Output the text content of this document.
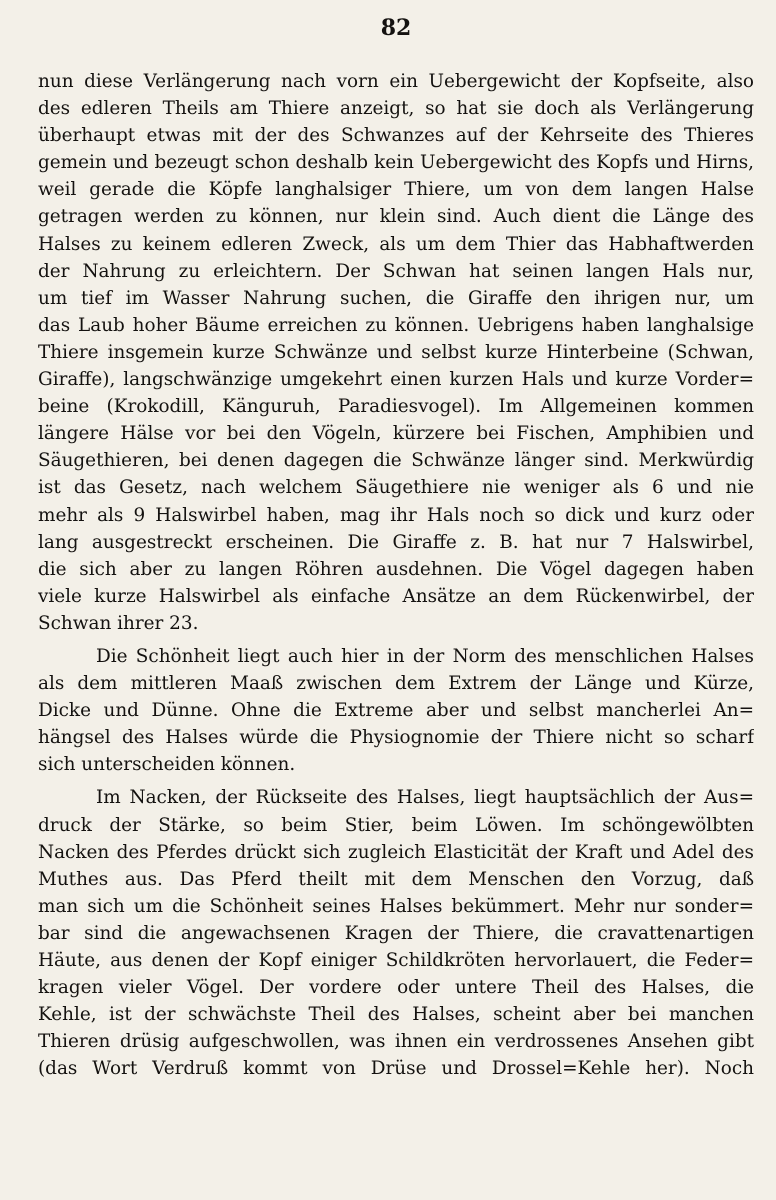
82
nun diese Verlängerung nach vorn ein Uebergewicht der Kopfseite, also
des edleren Theils am Thiere anzeigt, so hat sie doch als Verlängerung
überhaupt etwas mit der des Schwanzes auf der Kehrseite des Thieres
gemein und bezeugt schon deshalb kein Uebergewicht des Kopfs und Hirns,
weil gerade die Köpfe langhalsiger Thiere, um von dem langen Halse
getragen werden zu können, nur klein sind. Auch dient die Länge des
Halses zu keinem edleren Zweck, als um dem Thier das Habhaftwerden
der Nahrung zu erleichtern. Der Schwan hat seinen langen Hals nur,
um tief im Wasser Nahrung suchen, die Giraffe den ihrigen nur, um
das Laub hoher Bäume erreichen zu können. Uebrigens haben langhalsige
Thiere insgemein kurze Schwänze und selbst kurze Hinterbeine (Schwan,
Giraffe), langschwänzige umgekehrt einen kurzen Hals und kurze Vorder=
beine (Krokodill, Känguruh, Paradiesvogel). Im Allgemeinen kommen
längere Hälse vor bei den Vögeln, kürzere bei Fischen, Amphibien und
Säugethieren, bei denen dagegen die Schwänze länger sind. Merkwürdig
ist das Gesetz, nach welchem Säugethiere nie weniger als 6 und nie
mehr als 9 Halswirbel haben, mag ihr Hals noch so dick und kurz oder
lang ausgestreckt erscheinen. Die Giraffe z. B. hat nur 7 Halswirbel,
die sich aber zu langen Röhren ausdehnen. Die Vögel dagegen haben
viele kurze Halswirbel als einfache Ansätze an dem Rückenwirbel, der
Schwan ihrer 23.
Die Schönheit liegt auch hier in der Norm des menschlichen Halses
als dem mittleren Maaß zwischen dem Extrem der Länge und Kürze,
Dicke und Dünne. Ohne die Extreme aber und selbst mancherlei An=
hängsel des Halses würde die Physiognomie der Thiere nicht so scharf
sich unterscheiden können.
Im Nacken, der Rückseite des Halses, liegt hauptsächlich der Aus=
druck der Stärke, so beim Stier, beim Löwen. Im schöngewölbten
Nacken des Pferdes drückt sich zugleich Elasticität der Kraft und Adel des
Muthes aus. Das Pferd theilt mit dem Menschen den Vorzug, daß
man sich um die Schönheit seines Halses bekümmert. Mehr nur sonder=
bar sind die angewachsenen Kragen der Thiere, die cravattenartigen
Häute, aus denen der Kopf einiger Schildkröten hervorlauert, die Feder=
kragen vieler Vögel. Der vordere oder untere Theil des Halses, die
Kehle, ist der schwächste Theil des Halses, scheint aber bei manchen
Thieren drüsig aufgeschwollen, was ihnen ein verdrossenes Ansehen gibt
(das Wort Verdruß kommt von Drüse und Drossel=Kehle her). Noch
